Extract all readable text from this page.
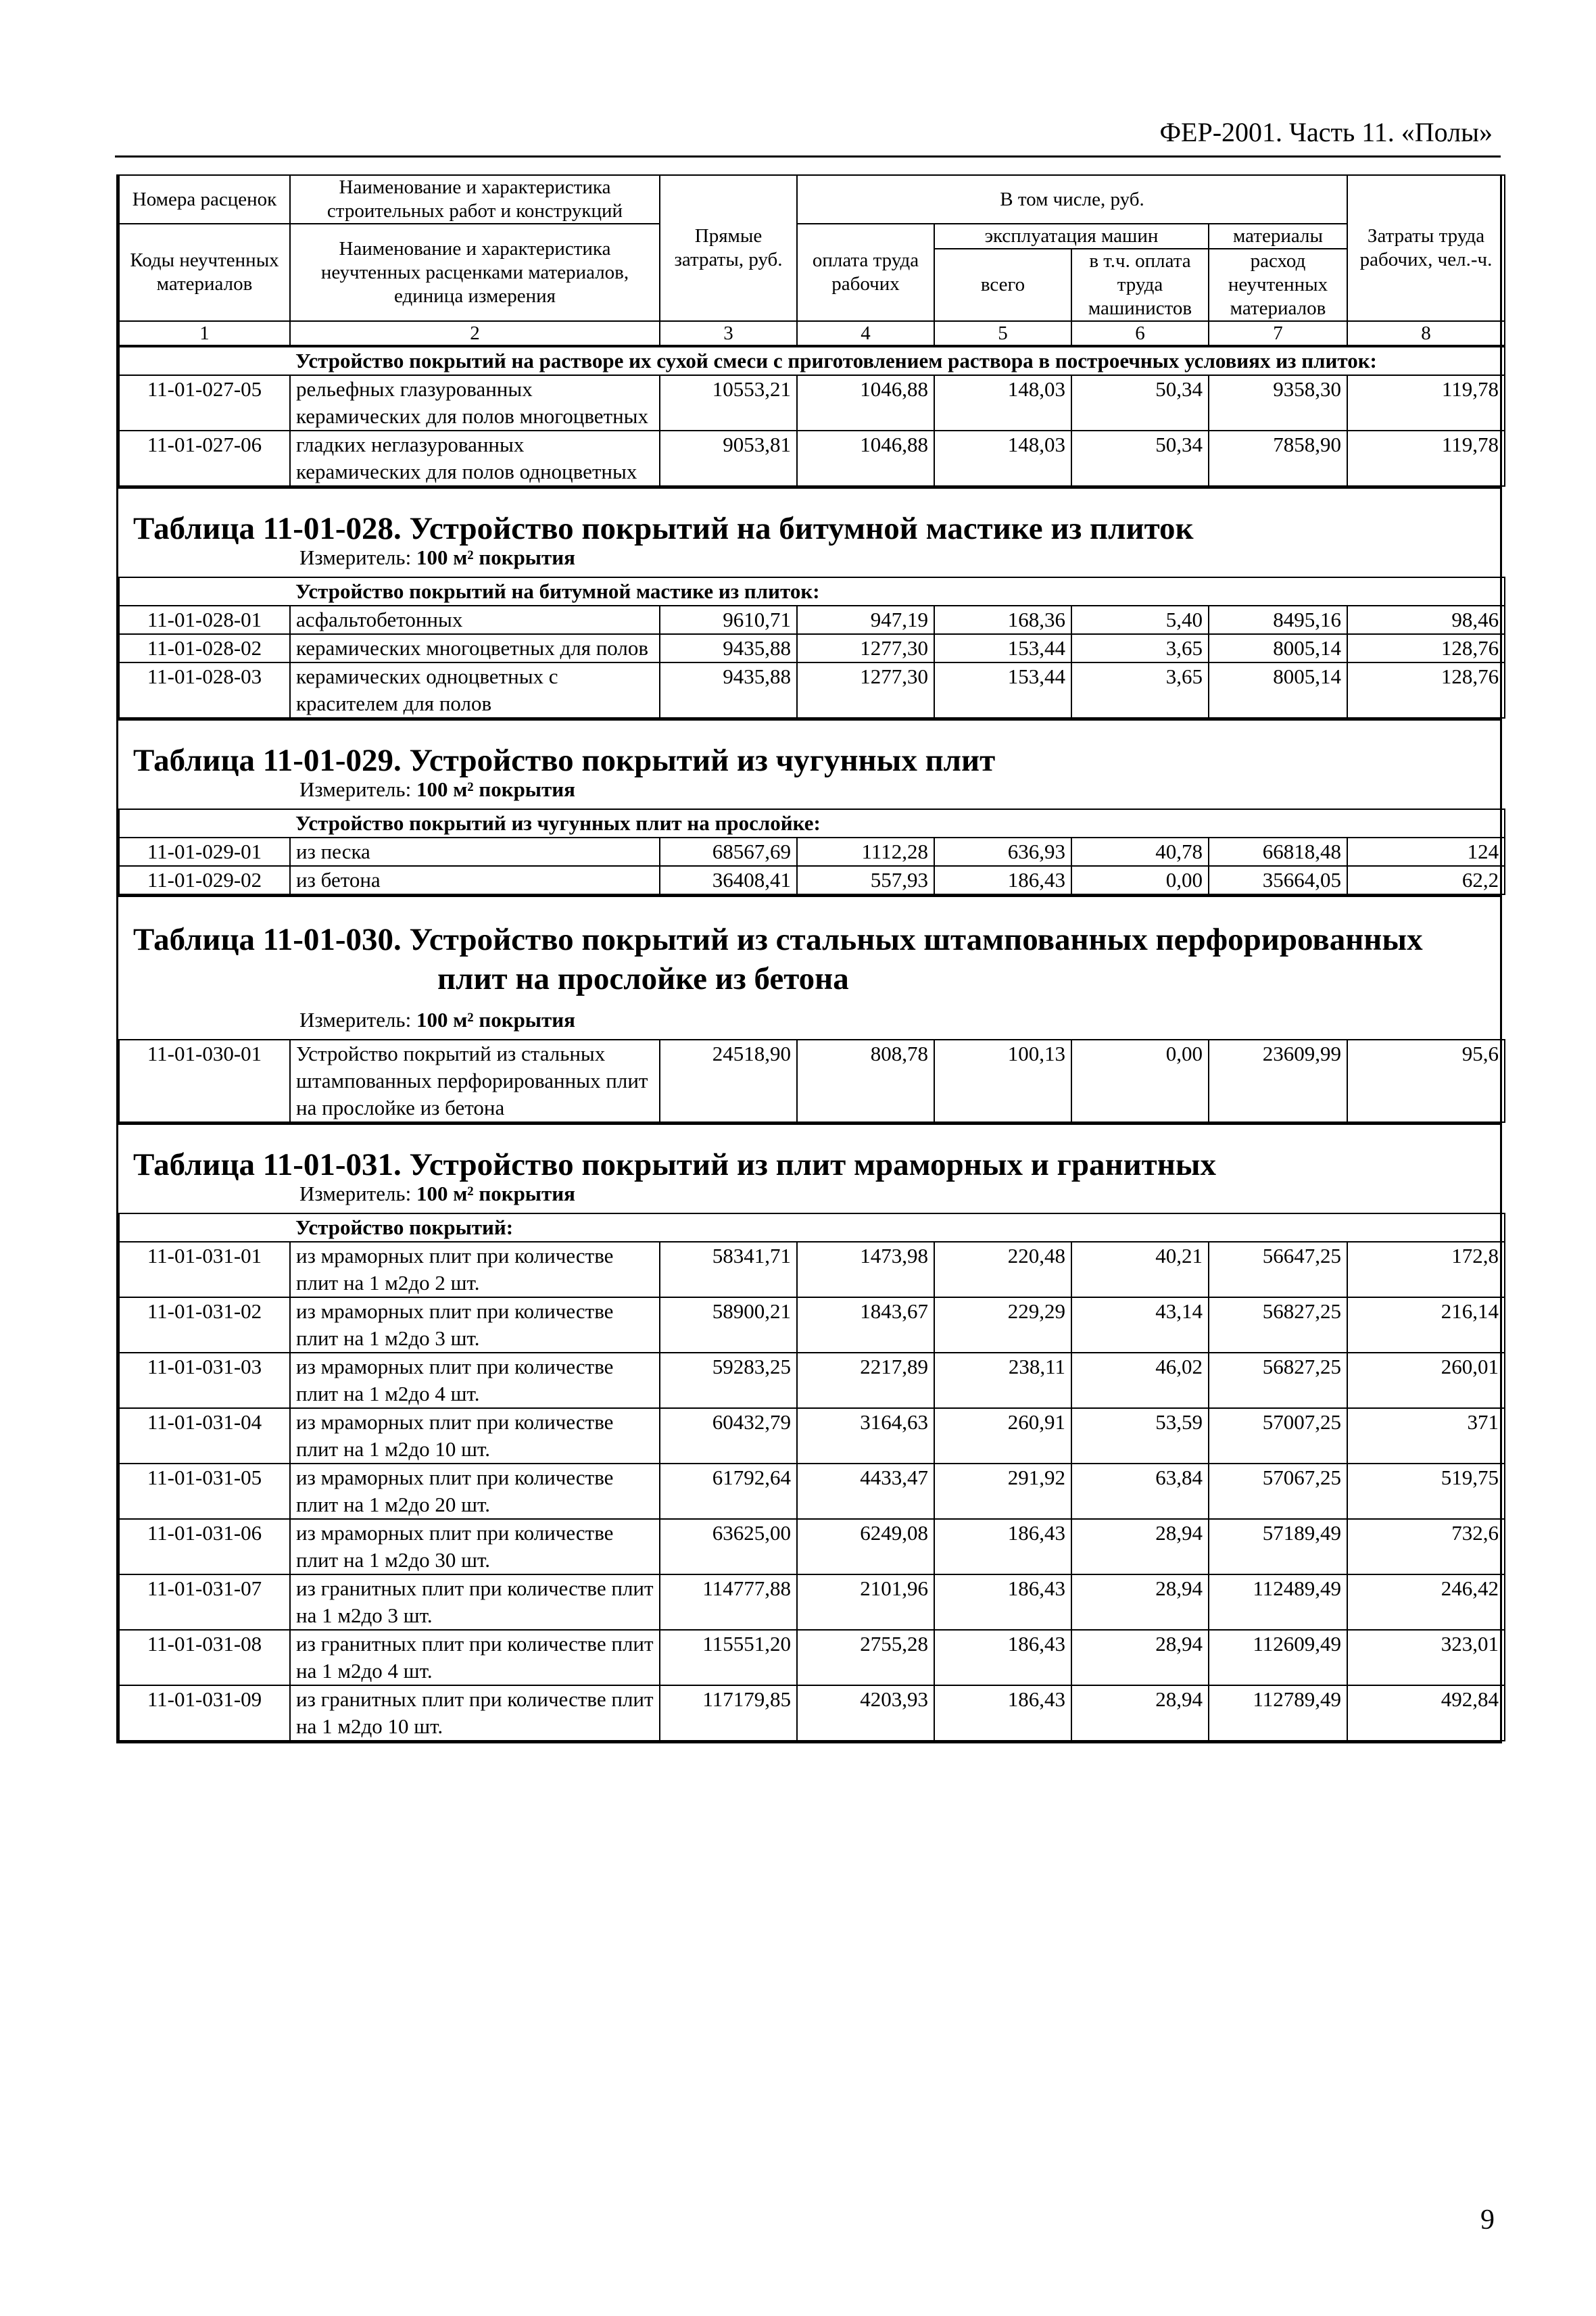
ФЕР-2001. Часть 11. «Полы»
Номера расценок	Наименование и характеристика строительных работ и конструкций	Прямые затраты, руб.	В том числе, руб.				Затраты труда рабочих, чел.-ч.
Коды неучтенных материалов	Наименование и характеристика неучтенных расценками материалов, единица измерения		оплата труда рабочих	эксплуатация машин		материалы	
				всего	в т.ч. оплата труда машинистов	расход неучтенных материалов	
1	2	3	4	5	6	7	8
	Устройство покрытий на растворе их сухой смеси с приготовлением раствора в построечных условиях из плиток:						
11-01-027-05	рельефных глазурованных керамических для полов многоцветных	10553,21	1046,88	148,03	50,34	9358,30	119,78
11-01-027-06	гладких неглазурованных керамических для полов одноцветных	9053,81	1046,88	148,03	50,34	7858,90	119,78
Таблица 11-01-028. Устройство покрытий на битумной мастике из плиток
Измеритель: 100 м² покрытия
	Устройство покрытий на битумной мастике из плиток:						
11-01-028-01	асфальтобетонных	9610,71	947,19	168,36	5,40	8495,16	98,46
11-01-028-02	керамических многоцветных для полов	9435,88	1277,30	153,44	3,65	8005,14	128,76
11-01-028-03	керамических одноцветных с красителем для полов	9435,88	1277,30	153,44	3,65	8005,14	128,76
Таблица 11-01-029. Устройство покрытий из чугунных плит
Измеритель: 100 м² покрытия
	Устройство покрытий из чугунных плит на прослойке:						
11-01-029-01	из песка	68567,69	1112,28	636,93	40,78	66818,48	124
11-01-029-02	из бетона	36408,41	557,93	186,43	0,00	35664,05	62,2
Таблица 11-01-030. Устройство покрытий из стальных штампованных перфорированных
плит на прослойке из бетона
Измеритель: 100 м² покрытия
11-01-030-01	Устройство покрытий из стальных штампованных перфорированных плит на прослойке из бетона	24518,90	808,78	100,13	0,00	23609,99	95,6
Таблица 11-01-031. Устройство покрытий из плит мраморных и гранитных
Измеритель: 100 м² покрытия
	Устройство покрытий:						
11-01-031-01	из мраморных плит при количестве плит на 1 м2до 2 шт.	58341,71	1473,98	220,48	40,21	56647,25	172,8
11-01-031-02	из мраморных плит при количестве плит на 1 м2до 3 шт.	58900,21	1843,67	229,29	43,14	56827,25	216,14
11-01-031-03	из мраморных плит при количестве плит на 1 м2до 4 шт.	59283,25	2217,89	238,11	46,02	56827,25	260,01
11-01-031-04	из мраморных плит при количестве плит на 1 м2до 10 шт.	60432,79	3164,63	260,91	53,59	57007,25	371
11-01-031-05	из мраморных плит при количестве плит на 1 м2до 20 шт.	61792,64	4433,47	291,92	63,84	57067,25	519,75
11-01-031-06	из мраморных плит при количестве плит на 1 м2до 30 шт.	63625,00	6249,08	186,43	28,94	57189,49	732,6
11-01-031-07	из гранитных плит при количестве плит на 1 м2до 3 шт.	114777,88	2101,96	186,43	28,94	112489,49	246,42
11-01-031-08	из гранитных плит при количестве плит на 1 м2до 4 шт.	115551,20	2755,28	186,43	28,94	112609,49	323,01
11-01-031-09	из гранитных плит при количестве плит на 1 м2до 10 шт.	117179,85	4203,93	186,43	28,94	112789,49	492,84
9
